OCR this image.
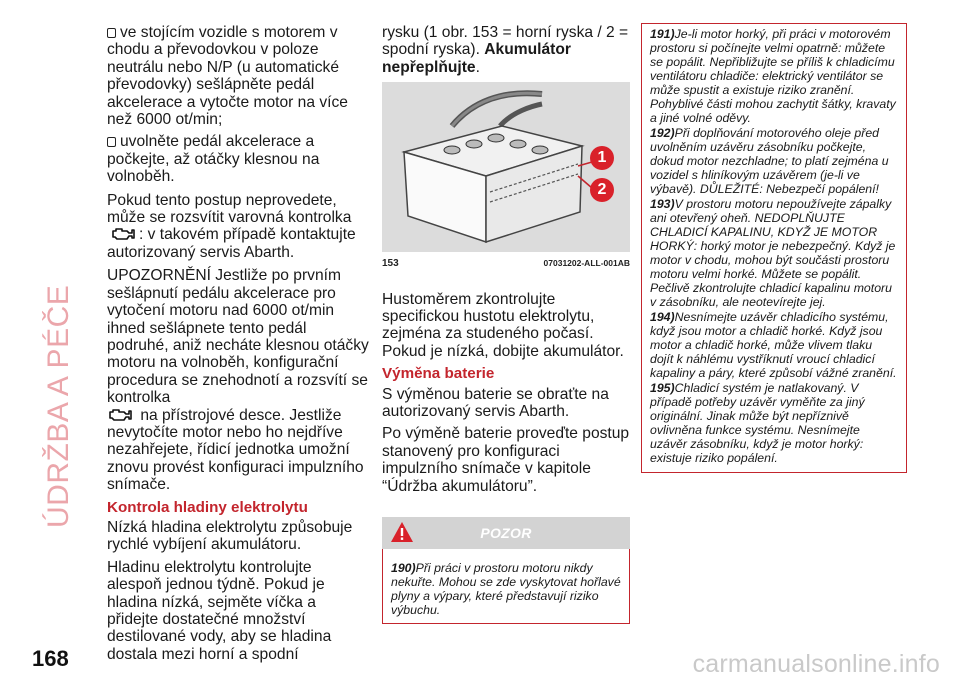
ÚDRŽBA A PÉČE

ve stojícím vozidle s motorem v chodu a převodovkou v poloze neutrálu nebo N/P (u automatické převodovky) sešlápněte pedál akcelerace a vytočte motor na více než 6000 ot/min;

uvolněte pedál akcelerace a počkejte, až otáčky klesnou na volnoběh.

Pokud tento postup neprovedete, může se rozsvítit varovná kontrolka: v takovém případě kontaktujte autorizovaný servis Abarth.

UPOZORNĚNÍ Jestliže po prvním sešlápnutí pedálu akcelerace pro vytočení motoru nad 6000 ot/min ihned sešlápnete tento pedál podruhé, aniž necháte klesnou otáčky motoru na volnoběh, konfigurační procedura se znehodnotí a rozsvítí se kontrolka
na přístrojové desce. Jestliže nevytočíte motor nebo ho nejdříve nezahřejete, řídicí jednotka umožní znovu provést konfiguraci impulzního snímače.

Kontrola hladiny elektrolytu

Nízká hladina elektrolytu způsobuje rychlé vybíjení akumulátoru.

Hladinu elektrolytu kontrolujte alespoň jednou týdně. Pokud je hladina nízká, sejměte víčka a přidejte dostatečné množství destilované vody, aby se hladina dostala mezi horní a spodní

rysku (1 obr. 153 = horní ryska / 2 = spodní ryska). Akumulátor nepřeplňujte.

1
2
153	07031202-ALL-001AB

Hustoměrem zkontrolujte specifickou hustotu elektrolytu, zejména za studeného počasí. Pokud je nízká, dobijte akumulátor.

Výměna baterie

S výměnou baterie se obraťte na autorizovaný servis Abarth.

Po výměně baterie proveďte postup stanovený pro konfiguraci impulzního snímače v kapitole “Údržba akumulátoru”.

POZOR
190)Při práci v prostoru motoru nikdy nekuřte. Mohou se zde vyskytovat hořlavé plyny a výpary, které představují riziko výbuchu.
191)Je-li motor horký, při práci v motorovém prostoru si počínejte velmi opatrně: můžete se popálit. Nepřibližujte se příliš k chladicímu ventilátoru chladiče: elektrický ventilátor se může spustit a existuje riziko zranění. Pohyblivé části mohou zachytit šátky, kravaty a jiné volné oděvy.
192)Při doplňování motorového oleje před uvolněním uzávěru zásobníku počkejte, dokud motor nezchladne; to platí zejména u vozidel s hliníkovým uzávěrem (je-li ve výbavě). DŮLEŽITÉ: Nebezpečí popálení!
193)V prostoru motoru nepoužívejte zápalky ani otevřený oheň. NEDOPLŇUJTE CHLADICÍ KAPALINU, KDYŽ JE MOTOR HORKÝ: horký motor je nebezpečný. Když je motor v chodu, mohou být součásti prostoru motoru velmi horké. Můžete se popálit. Pečlivě zkontrolujte chladicí kapalinu motoru v zásobníku, ale neotevírejte jej.
194)Nesnímejte uzávěr chladicího systému, když jsou motor a chladič horké. Když jsou motor a chladič horké, může vlivem tlaku dojít k náhlému vystříknutí vroucí chladicí kapaliny a páry, které způsobí vážné zranění.
195)Chladicí systém je natlakovaný. V případě potřeby uzávěr vyměňte za jiný originální. Jinak může být nepříznivě ovlivněna funkce systému. Nesnímejte uzávěr zásobníku, když je motor horký: existuje riziko popálení.
168	carmanualsonline.info
